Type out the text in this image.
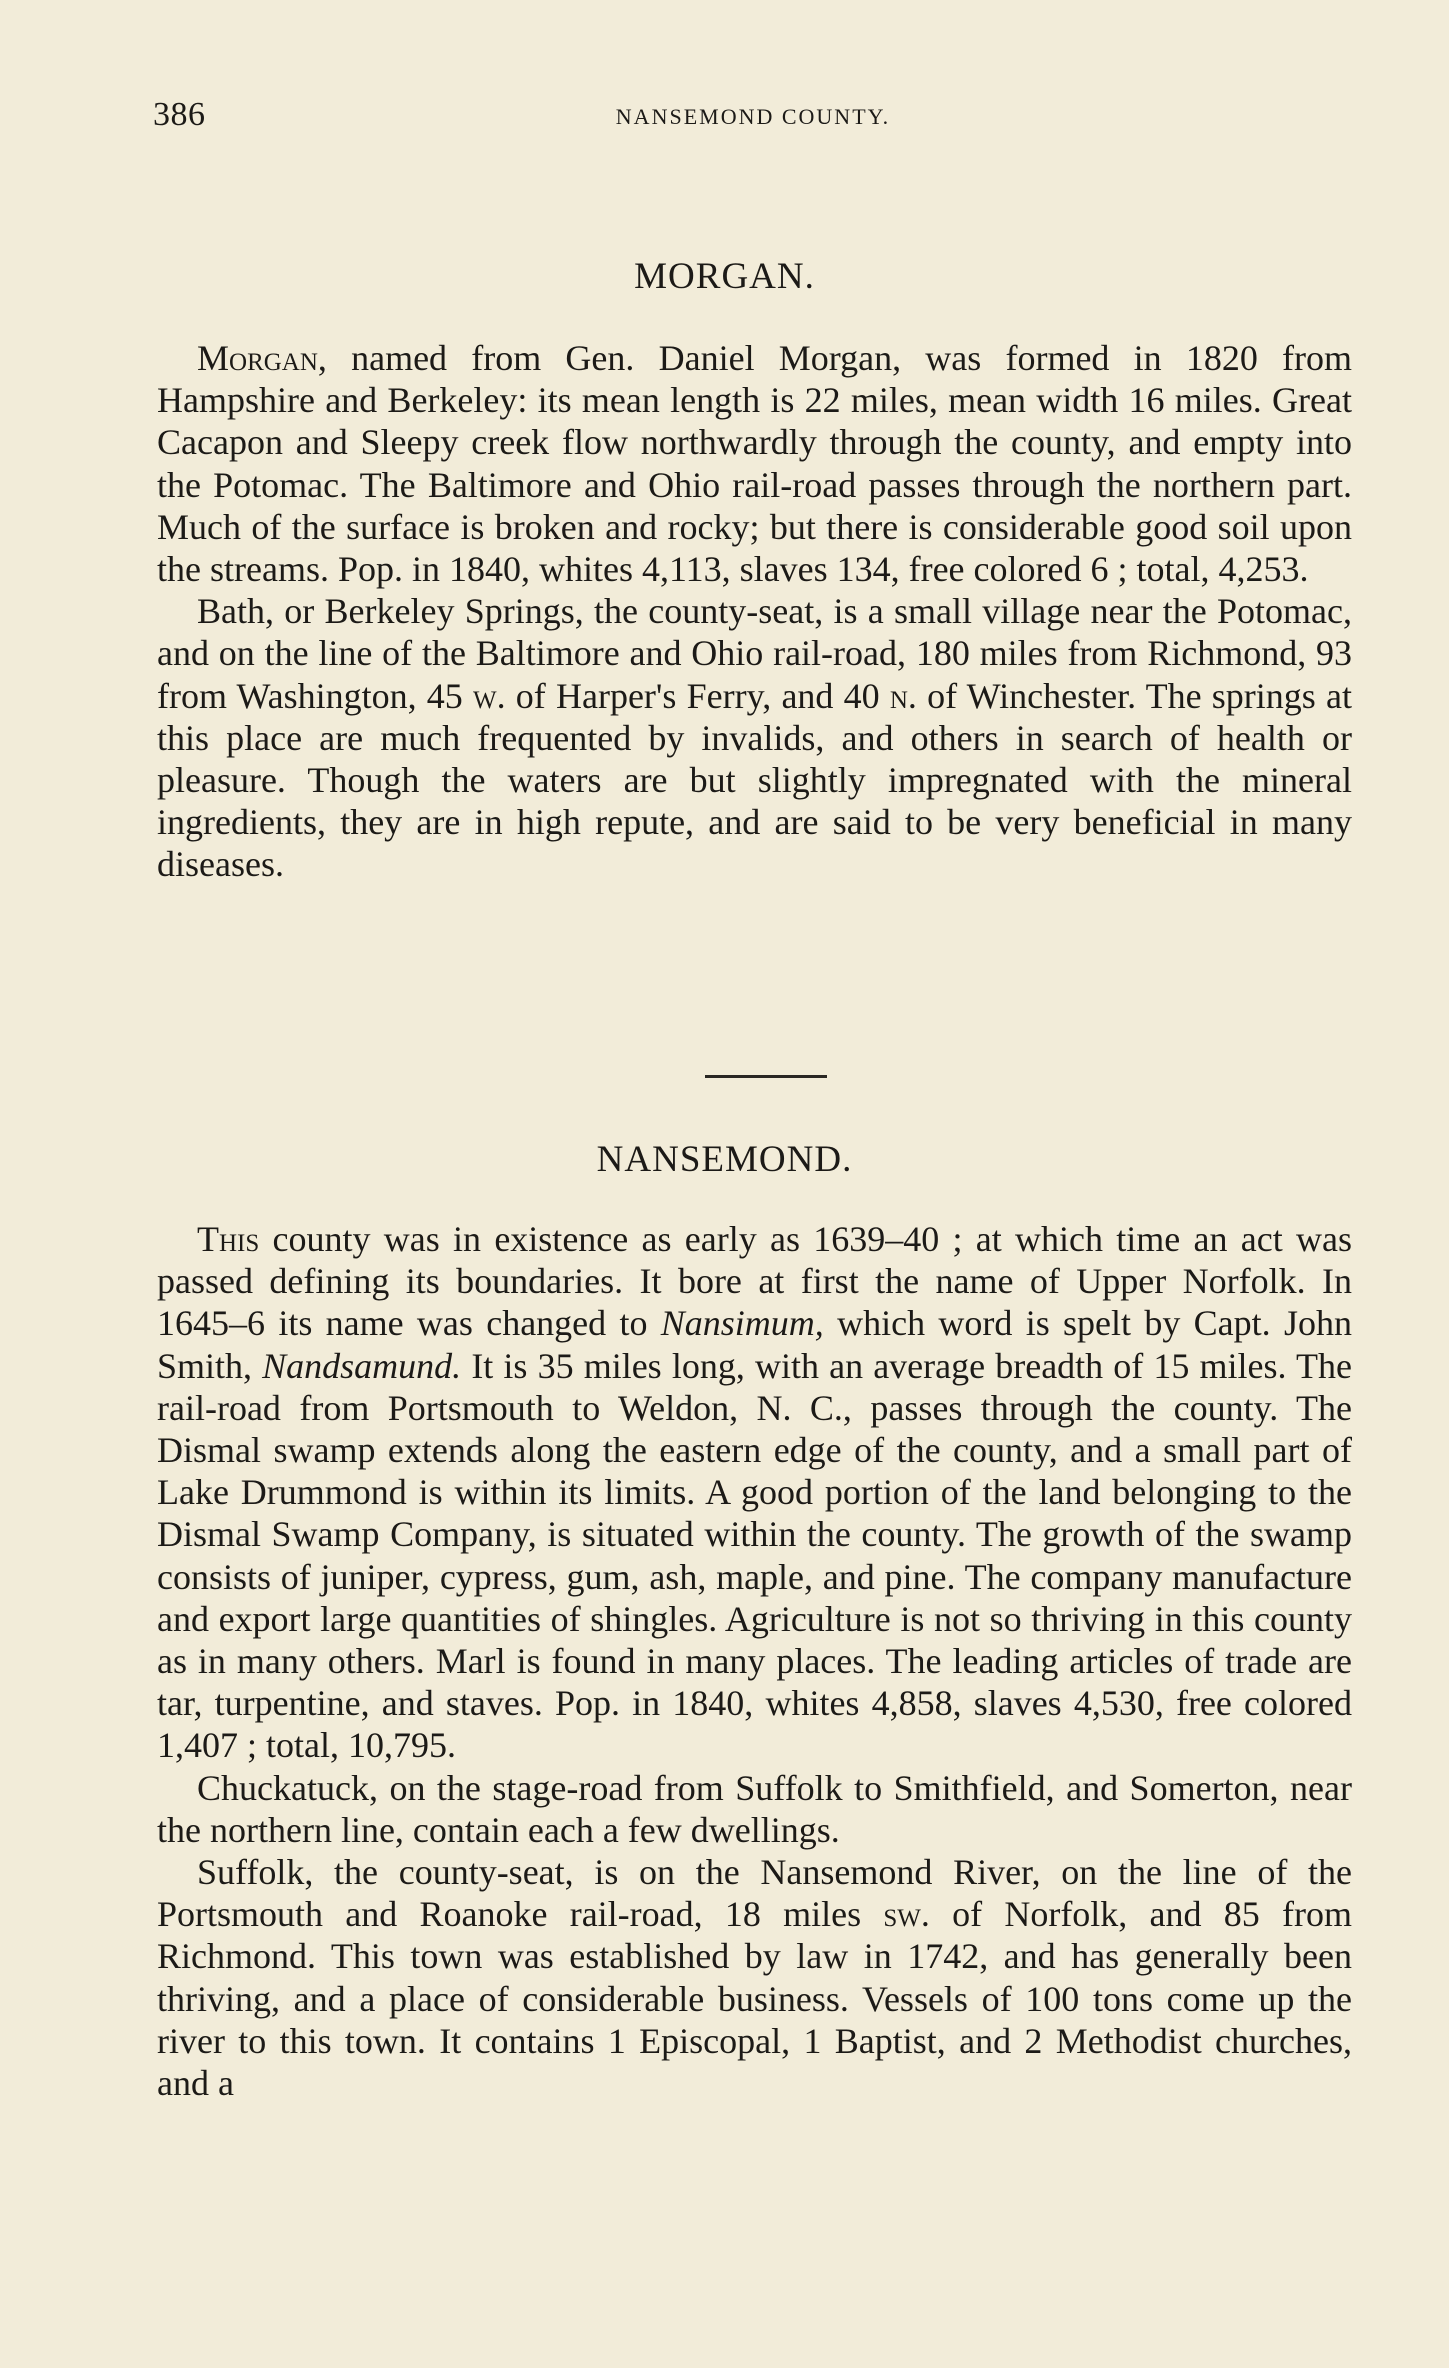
386	NANSEMOND COUNTY.
MORGAN.

Morgan, named from Gen. Daniel Morgan, was formed in 1820 from Hampshire and Berkeley: its mean length is 22 miles, mean width 16 miles. Great Cacapon and Sleepy creek flow northwardly through the county, and empty into the Potomac. The Baltimore and Ohio rail-road passes through the northern part. Much of the surface is broken and rocky; but there is considerable good soil upon the streams. Pop. in 1840, whites 4,113, slaves 134, free colored 6 ; total, 4,253.

Bath, or Berkeley Springs, the county-seat, is a small village near the Potomac, and on the line of the Baltimore and Ohio rail-road, 180 miles from Richmond, 93 from Washington, 45 w. of Harper's Ferry, and 40 n. of Winchester. The springs at this place are much frequented by invalids, and others in search of health or pleasure. Though the waters are but slightly impregnated with the mineral ingredients, they are in high repute, and are said to be very beneficial in many diseases.

NANSEMOND.

This county was in existence as early as 1639–40 ; at which time an act was passed defining its boundaries. It bore at first the name of Upper Norfolk. In 1645–6 its name was changed to Nansimum, which word is spelt by Capt. John Smith, Nandsamund. It is 35 miles long, with an average breadth of 15 miles. The rail-road from Portsmouth to Weldon, N. C., passes through the county. The Dismal swamp extends along the eastern edge of the county, and a small part of Lake Drummond is within its limits. A good portion of the land belonging to the Dismal Swamp Company, is situated within the county. The growth of the swamp consists of juniper, cypress, gum, ash, maple, and pine. The company manufacture and export large quantities of shingles. Agriculture is not so thriving in this county as in many others. Marl is found in many places. The leading articles of trade are tar, turpentine, and staves. Pop. in 1840, whites 4,858, slaves 4,530, free colored 1,407 ; total, 10,795.

Chuckatuck, on the stage-road from Suffolk to Smithfield, and Somerton, near the northern line, contain each a few dwellings.

Suffolk, the county-seat, is on the Nansemond River, on the line of the Portsmouth and Roanoke rail-road, 18 miles sw. of Norfolk, and 85 from Richmond. This town was established by law in 1742, and has generally been thriving, and a place of considerable business. Vessels of 100 tons come up the river to this town. It contains 1 Episcopal, 1 Baptist, and 2 Methodist churches, and a
